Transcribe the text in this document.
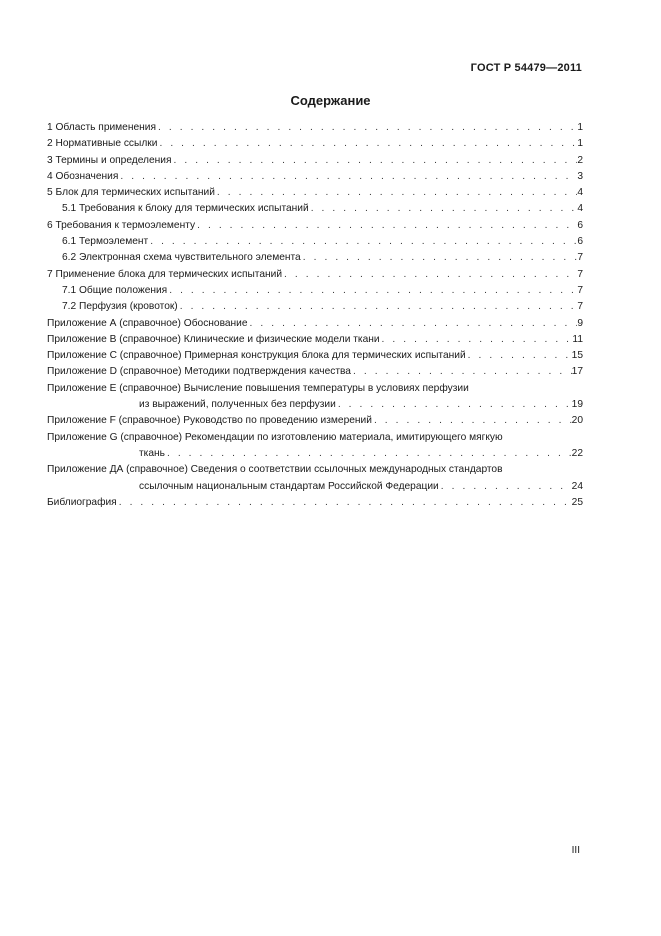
ГОСТ Р 54479—2011
Содержание
1 Область применения . . .	1
2 Нормативные ссылки . . .	1
3 Термины и определения . . .	2
4 Обозначения . . .	3
5 Блок для термических испытаний . . .	4
5.1 Требования к блоку для термических испытаний . . .	4
6 Требования к термоэлементу . . .	6
6.1 Термоэлемент . . .	6
6.2 Электронная схема чувствительного элемента . . .	7
7 Применение блока для термических испытаний . . .	7
7.1 Общие положения . . .	7
7.2 Перфузия (кровоток) . . .	7
Приложение А (справочное) Обоснование . . .	9
Приложение В (справочное) Клинические и физические модели ткани . . .	11
Приложение С (справочное) Примерная конструкция блока для термических испытаний . . .	15
Приложение D (справочное) Методики подтверждения качества . . .	17
Приложение Е (справочное) Вычисление повышения температуры в условиях перфузии
из выражений, полученных без перфузии . . .	19
Приложение F (справочное) Руководство по проведению измерений . . .	20
Приложение G (справочное) Рекомендации по изготовлению материала, имитирующего мягкую
ткань . . .	22
Приложение ДА (справочное) Сведения о соответствии ссылочных международных стандартов
ссылочным национальным стандартам Российской Федерации . . .	24
Библиография . . .	25
III
